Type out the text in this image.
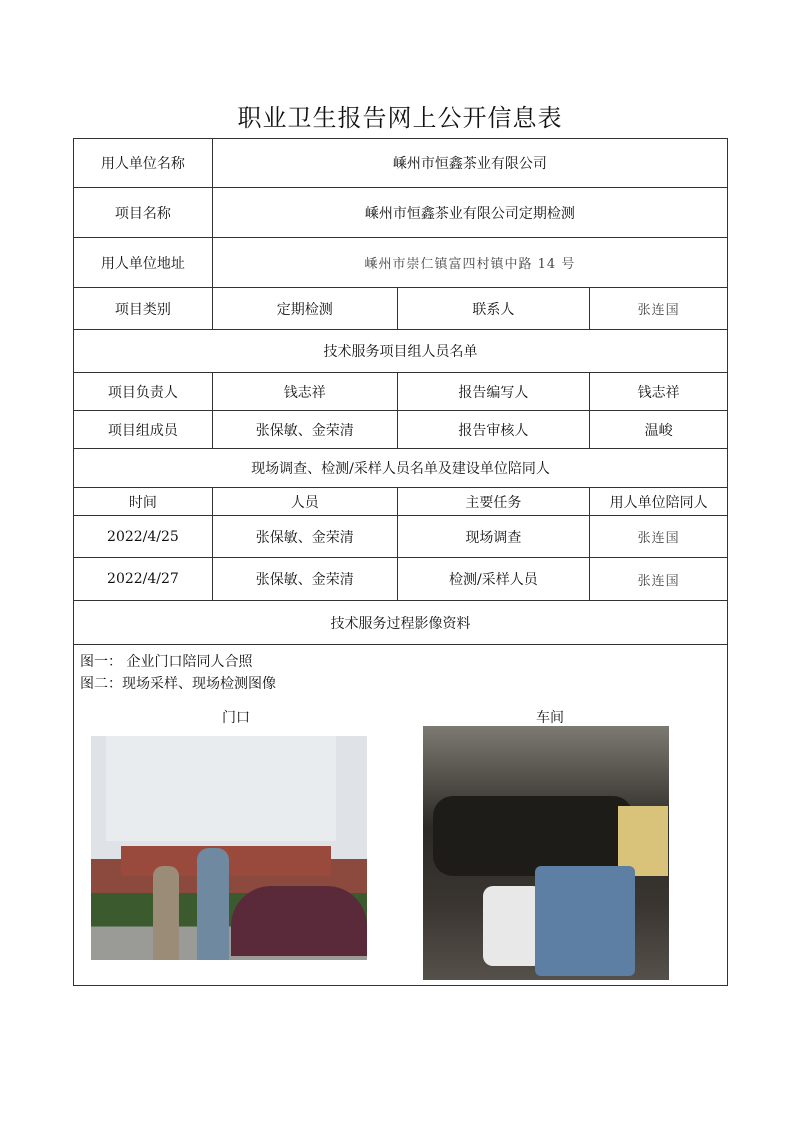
职业卫生报告网上公开信息表
用人单位名称	嵊州市恒鑫茶业有限公司		
项目名称	嵊州市恒鑫茶业有限公司定期检测		
用人单位地址	嵊州市崇仁镇富四村镇中路 14 号		
项目类别	定期检测	联系人	张连国
技术服务项目组人员名单			
项目负责人	钱志祥	报告编写人	钱志祥
项目组成员	张保敏、金荣清	报告审核人	温峻
现场调查、检测/采样人员名单及建设单位陪同人			
时间	人员	主要任务	用人单位陪同人
2022/4/25	张保敏、金荣清	现场调查	张连国
2022/4/27	张保敏、金荣清	检测/采样人员	张连国
技术服务过程影像资料			

图一： 企业门口陪同人合照
图二：现场采样、现场检测图像
门口 车间			
